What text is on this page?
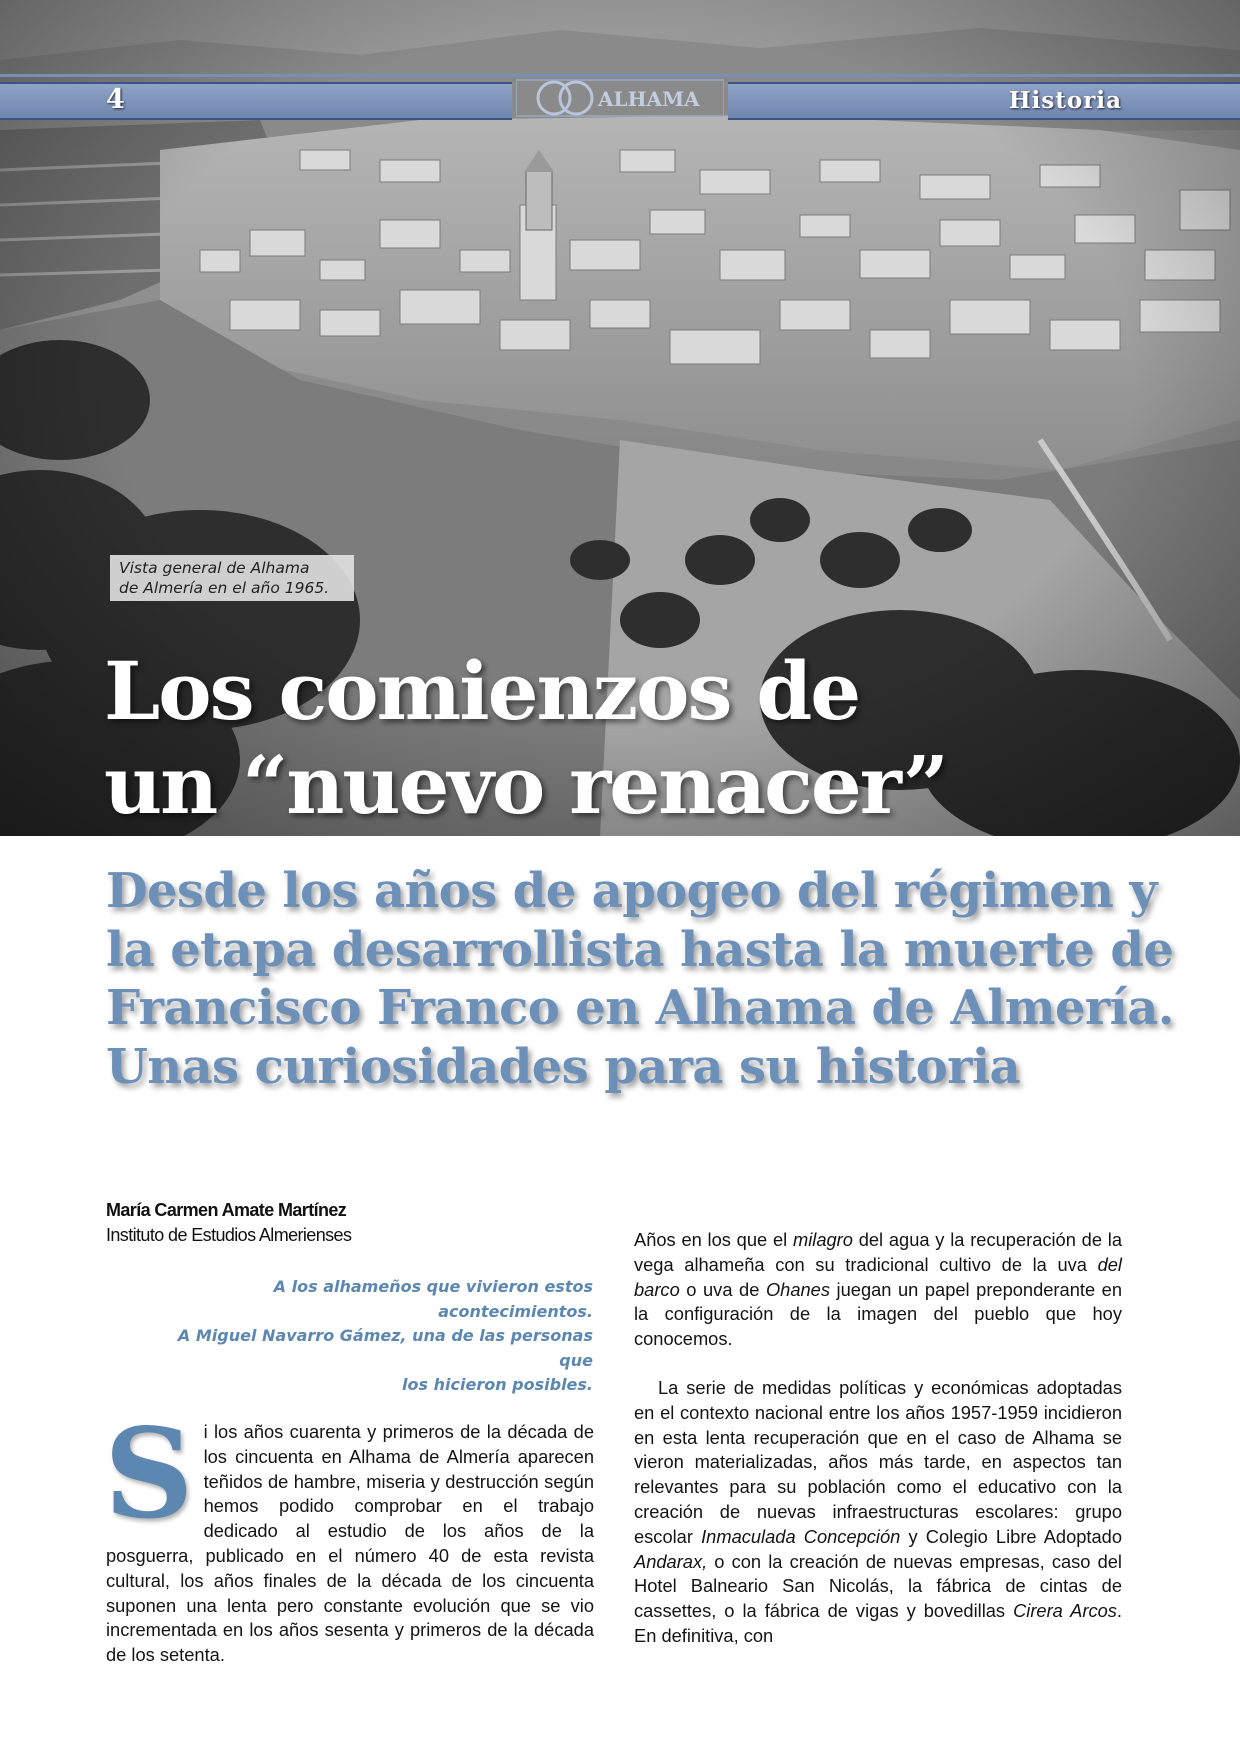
4	ALHAMA	Historia
Vista general de Alhama
de Almería en el año 1965.
Los comienzos de
un “nuevo renacer”
Desde los años de apogeo del régimen y
la etapa desarrollista hasta la muerte de
Francisco Franco en Alhama de Almería.
Unas curiosidades para su historia
María Carmen Amate Martínez
Instituto de Estudios Almerienses
A los alhameños que vivieron estos
acontecimientos.
A Miguel Navarro Gámez, una de las personas que
los hicieron posibles.
S i los años cuarenta y primeros de la década de los cincuenta en Alhama de Almería aparecen teñidos de hambre, miseria y destrucción según hemos podido comprobar en el trabajo dedicado al estudio de los años de la posguerra, publicado en el número 40 de esta revista cultural, los años finales de la década de los cincuenta suponen una lenta pero constante evolución que se vio incrementada en los años sesenta y primeros de la década de los setenta.

Años en los que el milagro del agua y la recuperación de la vega alhameña con su tradicional cultivo de la uva del barco o uva de Ohanes juegan un papel preponderante en la configuración de la imagen del pueblo que hoy conocemos.

La serie de medidas políticas y económicas adoptadas en el contexto nacional entre los años 1957-1959 incidieron en esta lenta recuperación que en el caso de Alhama se vieron materializadas, años más tarde, en aspectos tan relevantes para su población como el educativo con la creación de nuevas infraestructuras escolares: grupo escolar Inmaculada Concepción y Colegio Libre Adoptado Andarax, o con la creación de nuevas empresas, caso del Hotel Balneario San Nicolás, la fábrica de cintas de cassettes, o la fábrica de vigas y bovedillas Cirera Arcos. En definitiva, con
